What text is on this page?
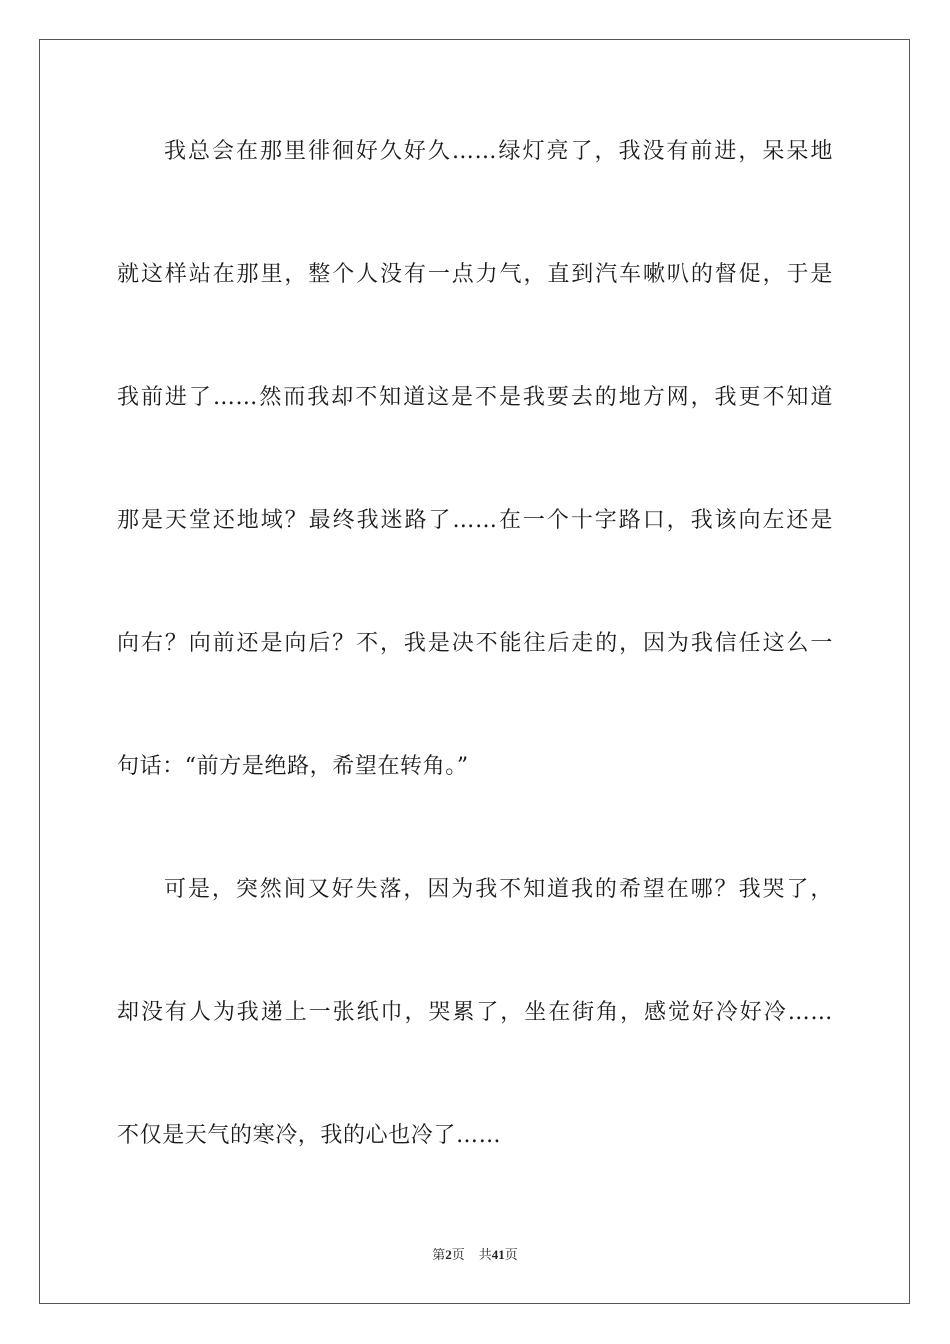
我总会在那里徘徊好久好久……绿灯亮了，我没有前进，呆呆地
就这样站在那里，整个人没有一点力气，直到汽车嗽叭的督促，于是
我前进了……然而我却不知道这是不是我要去的地方网，我更不知道
那是天堂还地域？最终我迷路了……在一个十字路口，我该向左还是
向右？向前还是向后？不，我是决不能往后走的，因为我信任这么一
句话：“前方是绝路，希望在转角。”
可是，突然间又好失落，因为我不知道我的希望在哪？我哭了，
却没有人为我递上一张纸巾，哭累了，坐在街角，感觉好冷好冷……
不仅是天气的寒冷，我的心也冷了……
第2页 共41页
